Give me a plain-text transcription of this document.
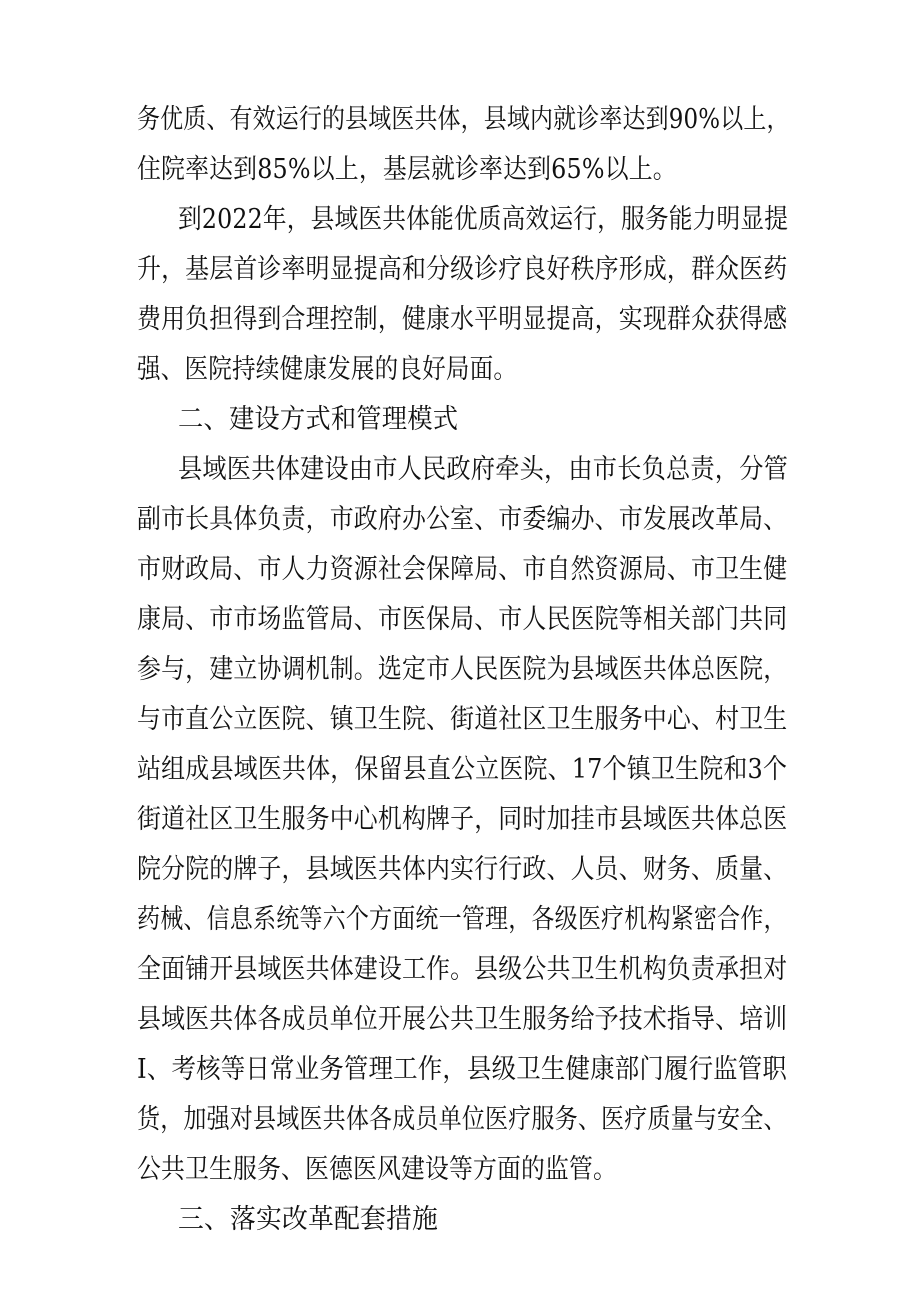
务优质、有效运行的县域医共体，县域内就诊率达到90%以上，
住院率达到85%以上，基层就诊率达到65%以上。
到2022年，县域医共体能优质高效运行，服务能力明显提
升，基层首诊率明显提高和分级诊疗良好秩序形成，群众医药
费用负担得到合理控制，健康水平明显提高，实现群众获得感
强、医院持续健康发展的良好局面。
二、建设方式和管理模式
县域医共体建设由市人民政府牵头，由市长负总责，分管
副市长具体负责，市政府办公室、市委编办、市发展改革局、
市财政局、市人力资源社会保障局、市自然资源局、市卫生健
康局、市市场监管局、市医保局、市人民医院等相关部门共同
参与，建立协调机制。选定市人民医院为县域医共体总医院，
与市直公立医院、镇卫生院、街道社区卫生服务中心、村卫生
站组成县域医共体，保留县直公立医院、17个镇卫生院和3个
街道社区卫生服务中心机构牌子，同时加挂市县域医共体总医
院分院的牌子，县域医共体内实行行政、人员、财务、质量、
药械、信息系统等六个方面统一管理，各级医疗机构紧密合作，
全面铺开县域医共体建设工作。县级公共卫生机构负责承担对
县域医共体各成员单位开展公共卫生服务给予技术指导、培训
I、考核等日常业务管理工作，县级卫生健康部门履行监管职
货，加强对县域医共体各成员单位医疗服务、医疗质量与安全、
公共卫生服务、医德医风建设等方面的监管。
三、落实改革配套措施
